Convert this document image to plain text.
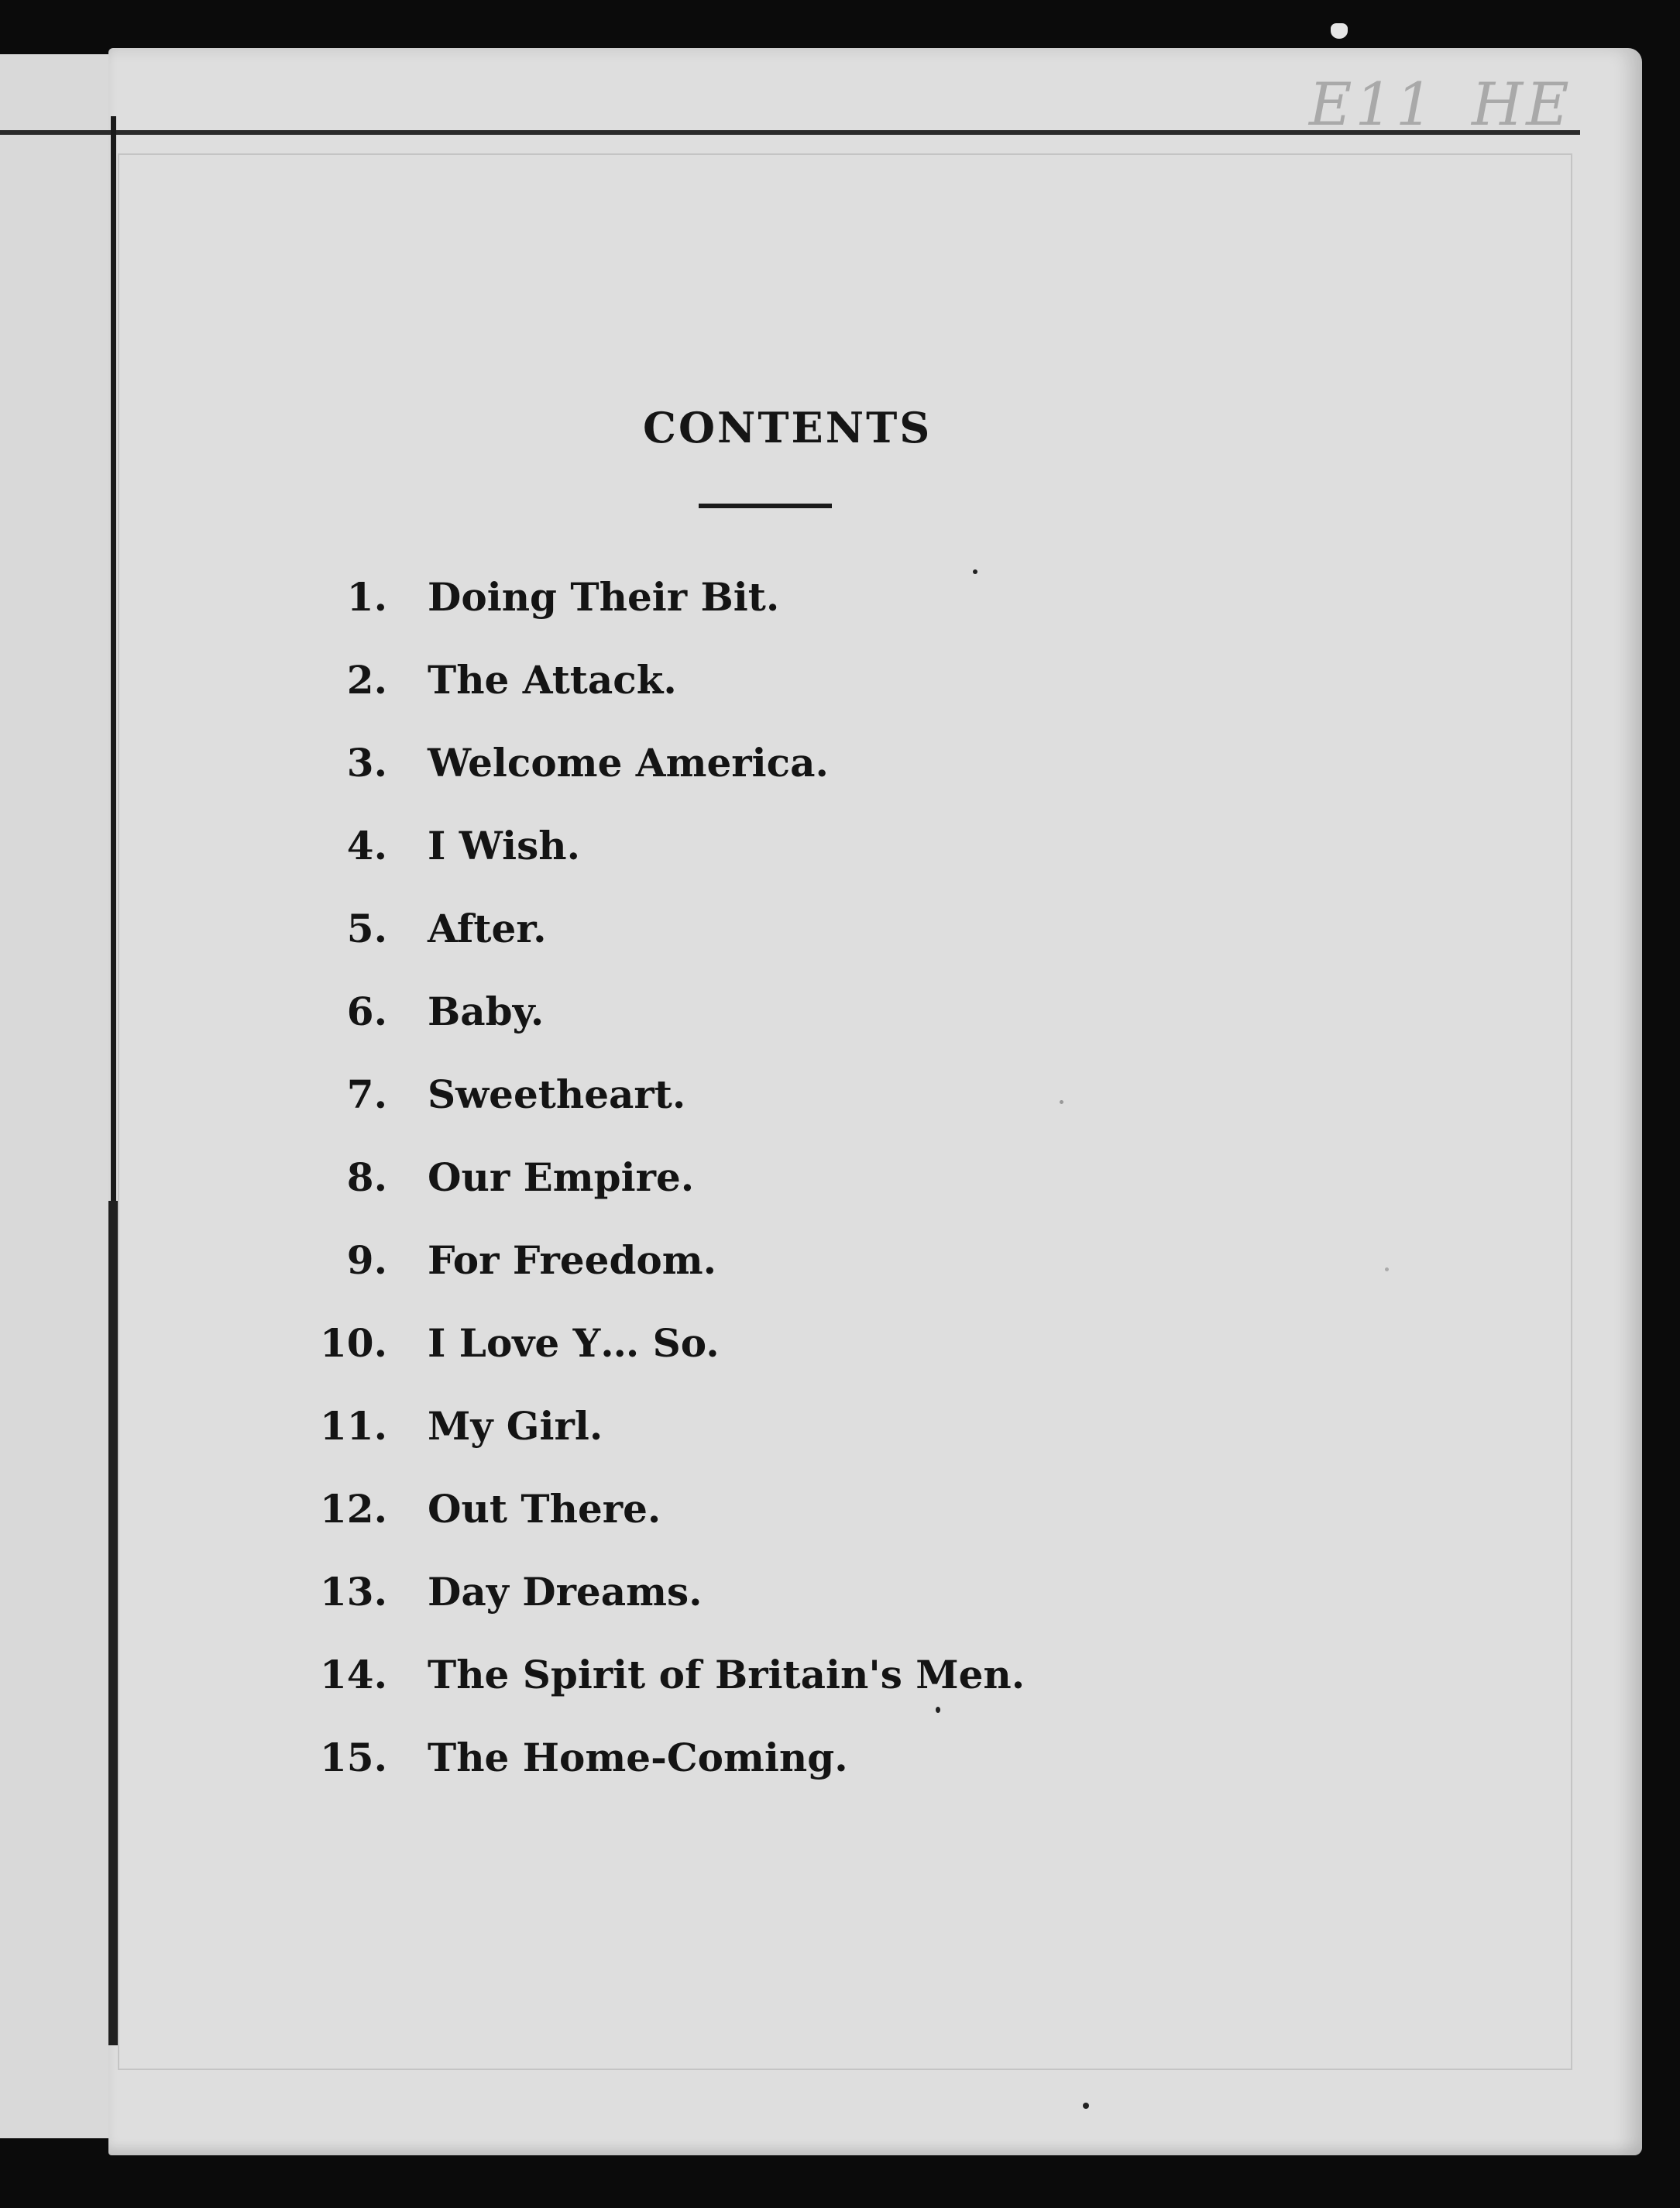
E11 HE
CONTENTS
1. Doing Their Bit.
2. The Attack.
3. Welcome America.
4. I Wish.
5. After.
6. Baby.
7. Sweetheart.
8. Our Empire.
9. For Freedom.
10. I Love Y… So.
11. My Girl.
12. Out There.
13. Day Dreams.
14. The Spirit of Britain's Men.
15. The Home-Coming.
